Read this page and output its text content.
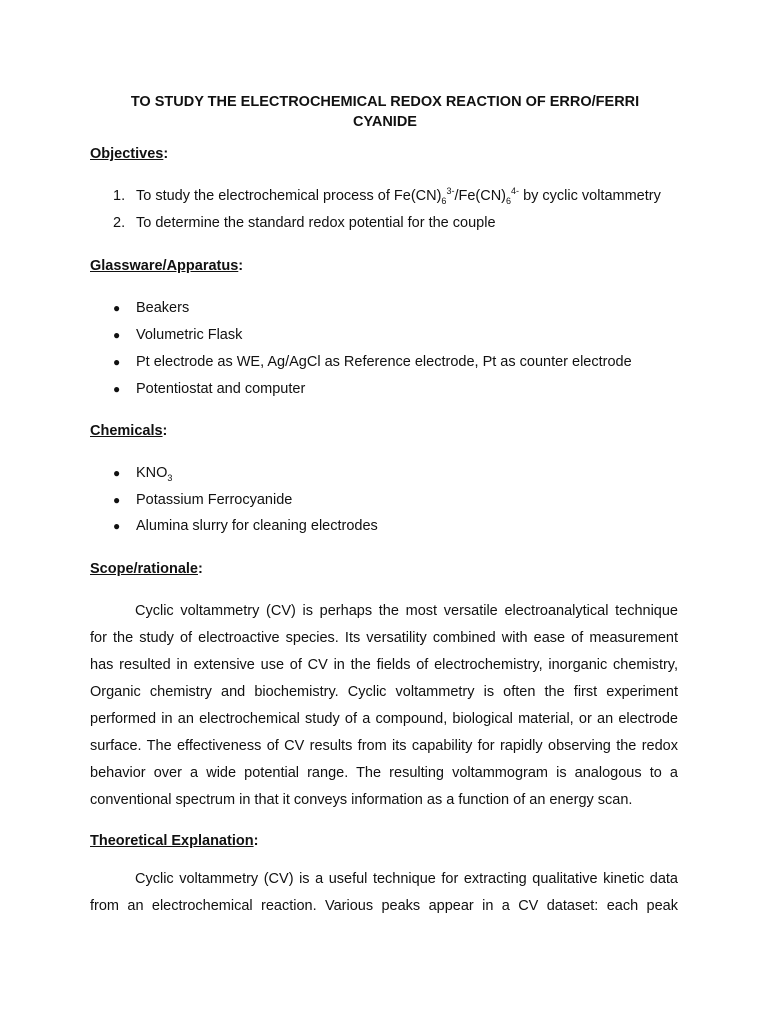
TO STUDY THE ELECTROCHEMICAL REDOX REACTION OF ERRO/FERRI
CYANIDE
Objectives:
1. To study the electrochemical process of $Fe(CN)_6^{3-}/Fe(CN)_6^{4-}$ by cyclic voltammetry
2. To determine the standard redox potential for the couple
Glassware/Apparatus:
● Beakers
● Volumetric Flask
● Pt electrode as WE, Ag/AgCl as Reference electrode, Pt as counter electrode
● Potentiostat and computer
Chemicals:
● $KNO_3$
● Potassium Ferrocyanide
● Alumina slurry for cleaning electrodes
Scope/rationale:
Cyclic voltammetry (CV) is perhaps the most versatile electroanalytical technique
for the study of electroactive species. Its versatility combined with ease of measurement
has resulted in extensive use of CV in the fields of electrochemistry, inorganic chemistry,
Organic chemistry and biochemistry. Cyclic voltammetry is often the first experiment
performed in an electrochemical study of a compound, biological material, or an electrode
surface. The effectiveness of CV results from its capability for rapidly observing the redox
behavior over a wide potential range. The resulting voltammogram is analogous to a
conventional spectrum in that it conveys information as a function of an energy scan.
Theoretical Explanation:
Cyclic voltammetry (CV) is a useful technique for extracting qualitative kinetic data
from an electrochemical reaction. Various peaks appear in a CV dataset: each peak
